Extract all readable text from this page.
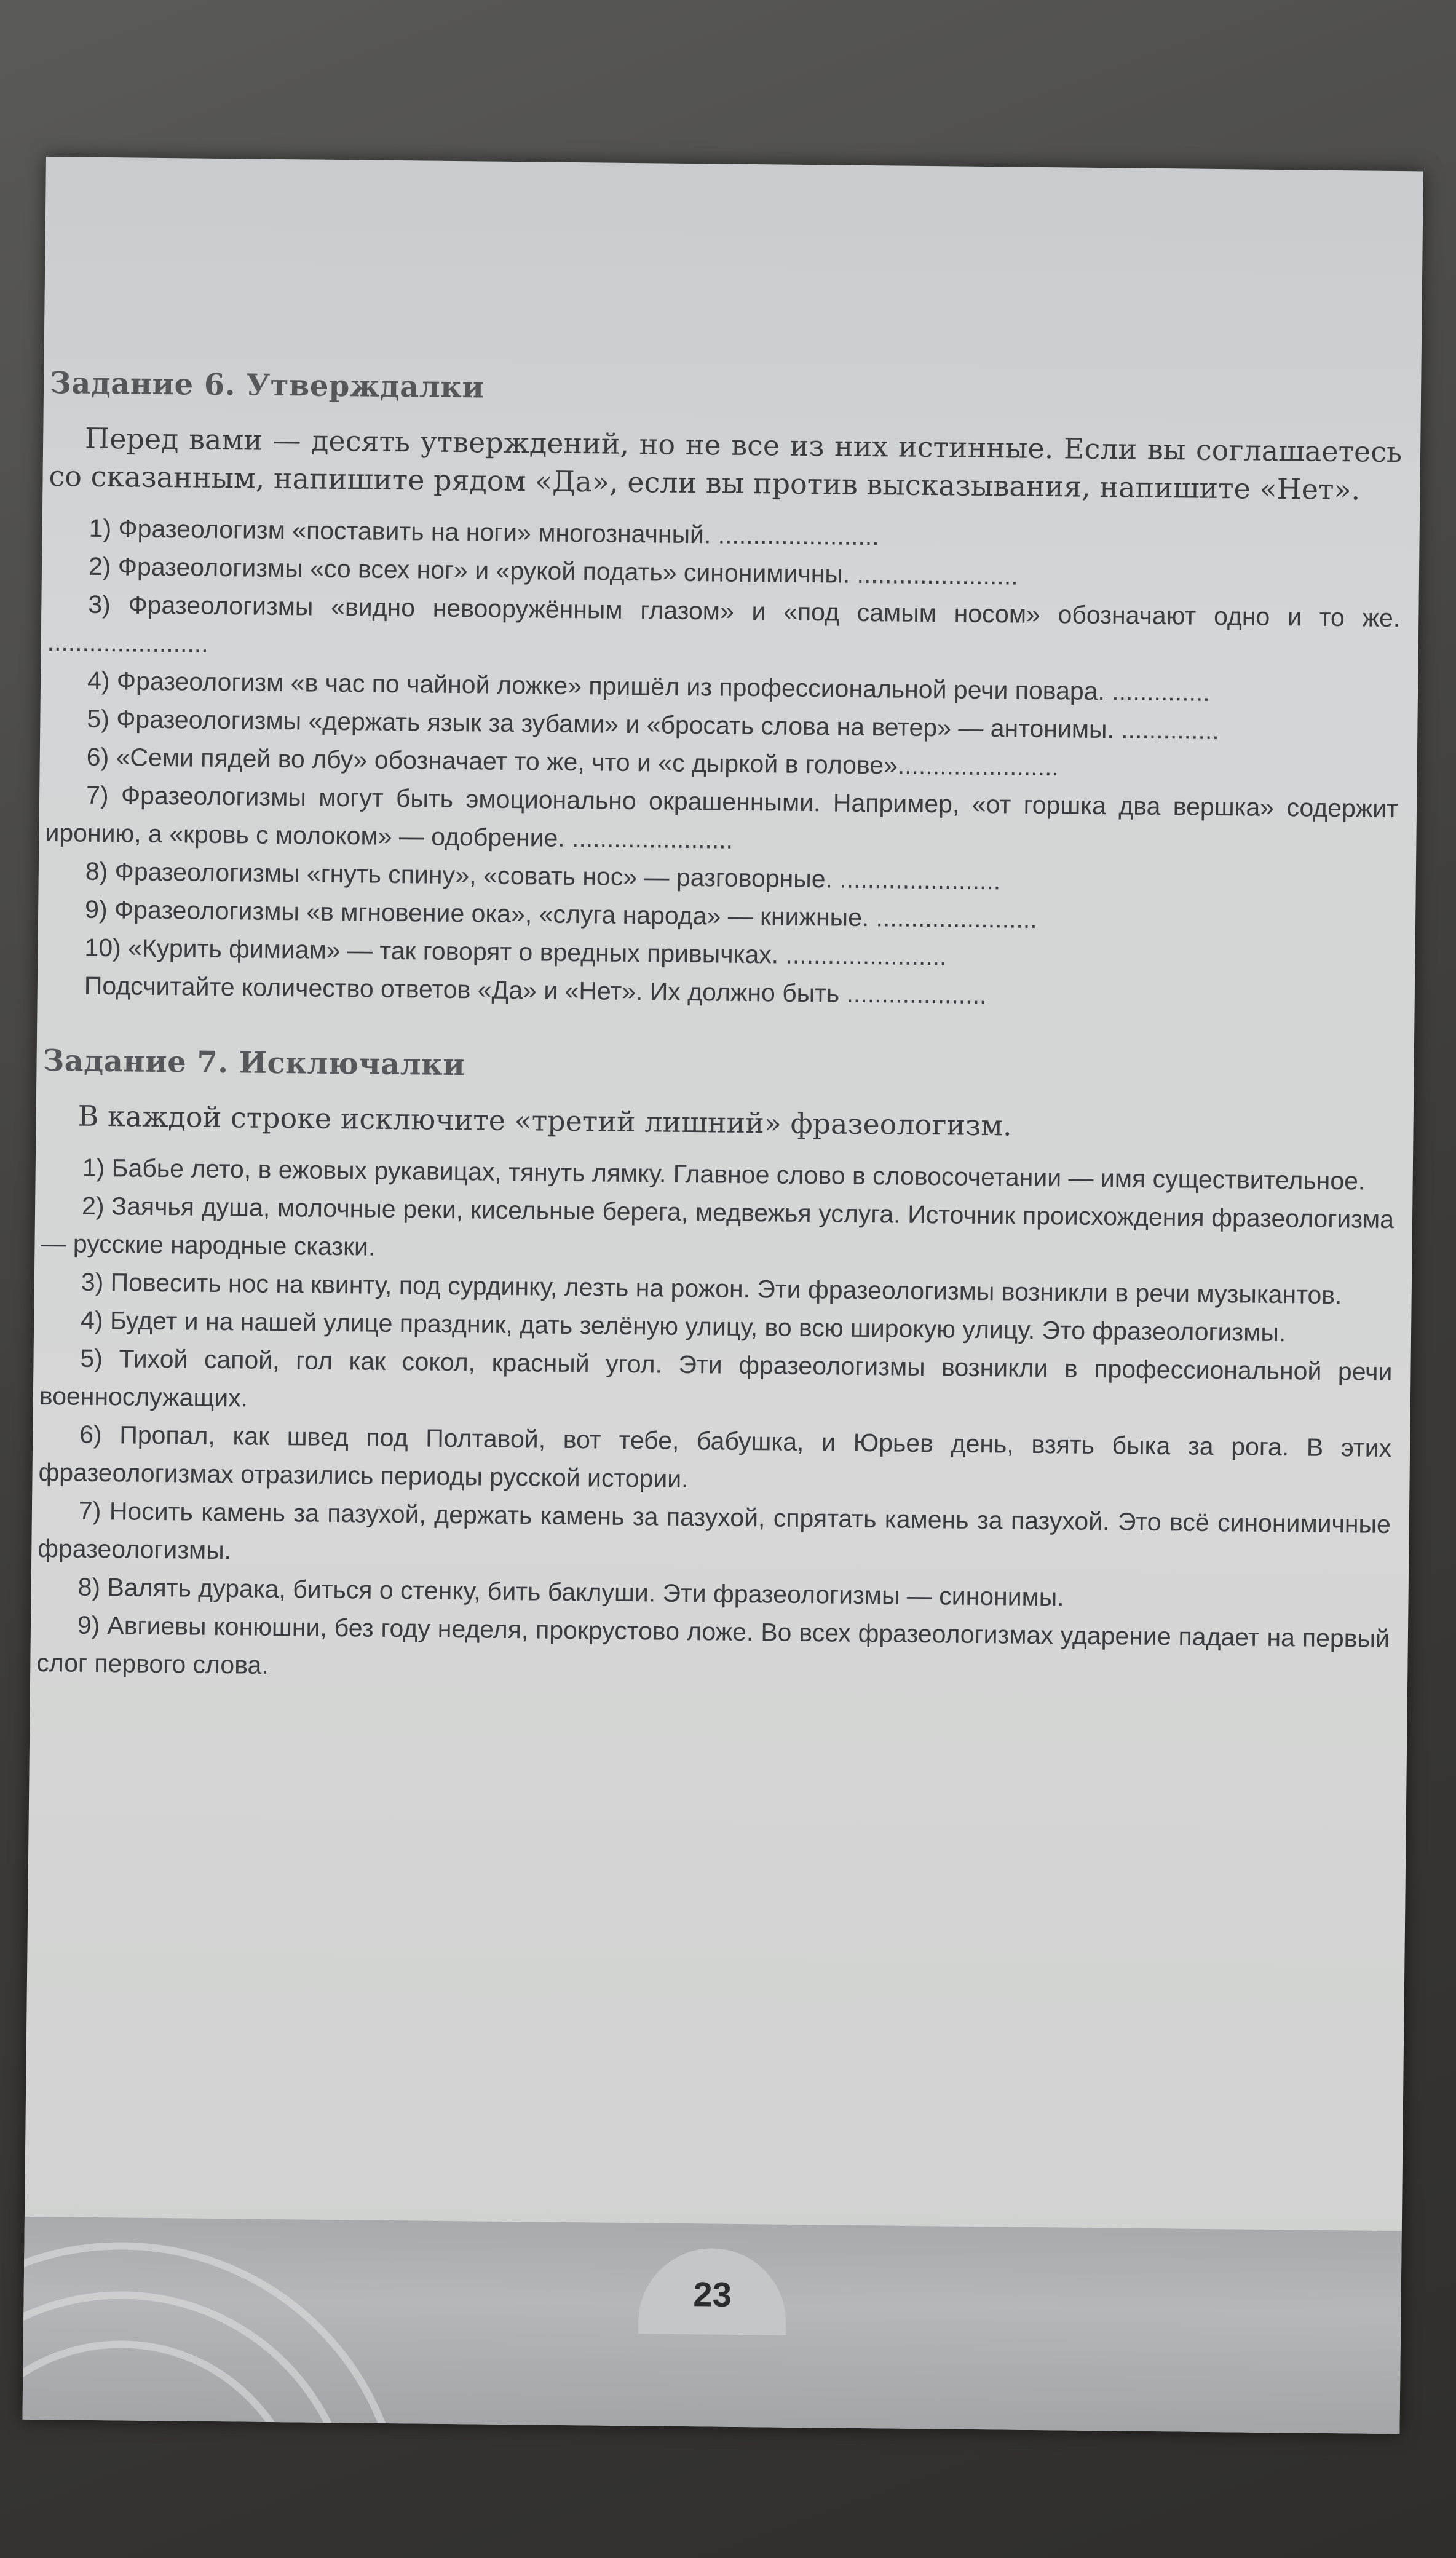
Задание 6. Утверждалки

Перед вами — десять утверждений, но не все из них истинные. Если вы соглашаетесь со сказанным, напишите рядом «Да», если вы против высказывания, напишите «Нет».

1) Фразеологизм «поставить на ноги» многозначный. .......................

2) Фразеологизмы «со всех ног» и «рукой подать» синонимичны. .......................

3) Фразеологизмы «видно невооружённым глазом» и «под самым носом» обозначают одно и то же. .......................

4) Фразеологизм «в час по чайной ложке» пришёл из профессиональной речи повара. ..............

5) Фразеологизмы «держать язык за зубами» и «бросать слова на ветер» — антонимы. ..............

6) «Семи пядей во лбу» обозначает то же, что и «с дыркой в голове».......................

7) Фразеологизмы могут быть эмоционально окрашенными. Например, «от горшка два вершка» содержит иронию, а «кровь с молоком» — одобрение. .......................

8) Фразеологизмы «гнуть спину», «совать нос» — разговорные. .......................

9) Фразеологизмы «в мгновение ока», «слуга народа» — книжные. .......................

10) «Курить фимиам» — так говорят о вредных привычках. .......................

Подсчитайте количество ответов «Да» и «Нет». Их должно быть ....................

Задание 7. Исключалки

В каждой строке исключите «третий лишний» фразеологизм.

1) Бабье лето, в ежовых рукавицах, тянуть лямку. Главное слово в словосочетании — имя существительное.

2) Заячья душа, молочные реки, кисельные берега, медвежья услуга. Источник происхождения фразеологизма — русские народные сказки.

3) Повесить нос на квинту, под сурдинку, лезть на рожон. Эти фразеологизмы возникли в речи музыкантов.

4) Будет и на нашей улице праздник, дать зелёную улицу, во всю широкую улицу. Это фразеологизмы.

5) Тихой сапой, гол как сокол, красный угол. Эти фразеологизмы возникли в профессиональной речи военнослужащих.

6) Пропал, как швед под Полтавой, вот тебе, бабушка, и Юрьев день, взять быка за рога. В этих фразеологизмах отразились периоды русской истории.

7) Носить камень за пазухой, держать камень за пазухой, спрятать камень за пазухой. Это всё синонимичные фразеологизмы.

8) Валять дурака, биться о стенку, бить баклуши. Эти фразеологизмы — синонимы.

9) Авгиевы конюшни, без году неделя, прокрустово ложе. Во всех фразеологизмах ударение падает на первый слог первого слова.

23
